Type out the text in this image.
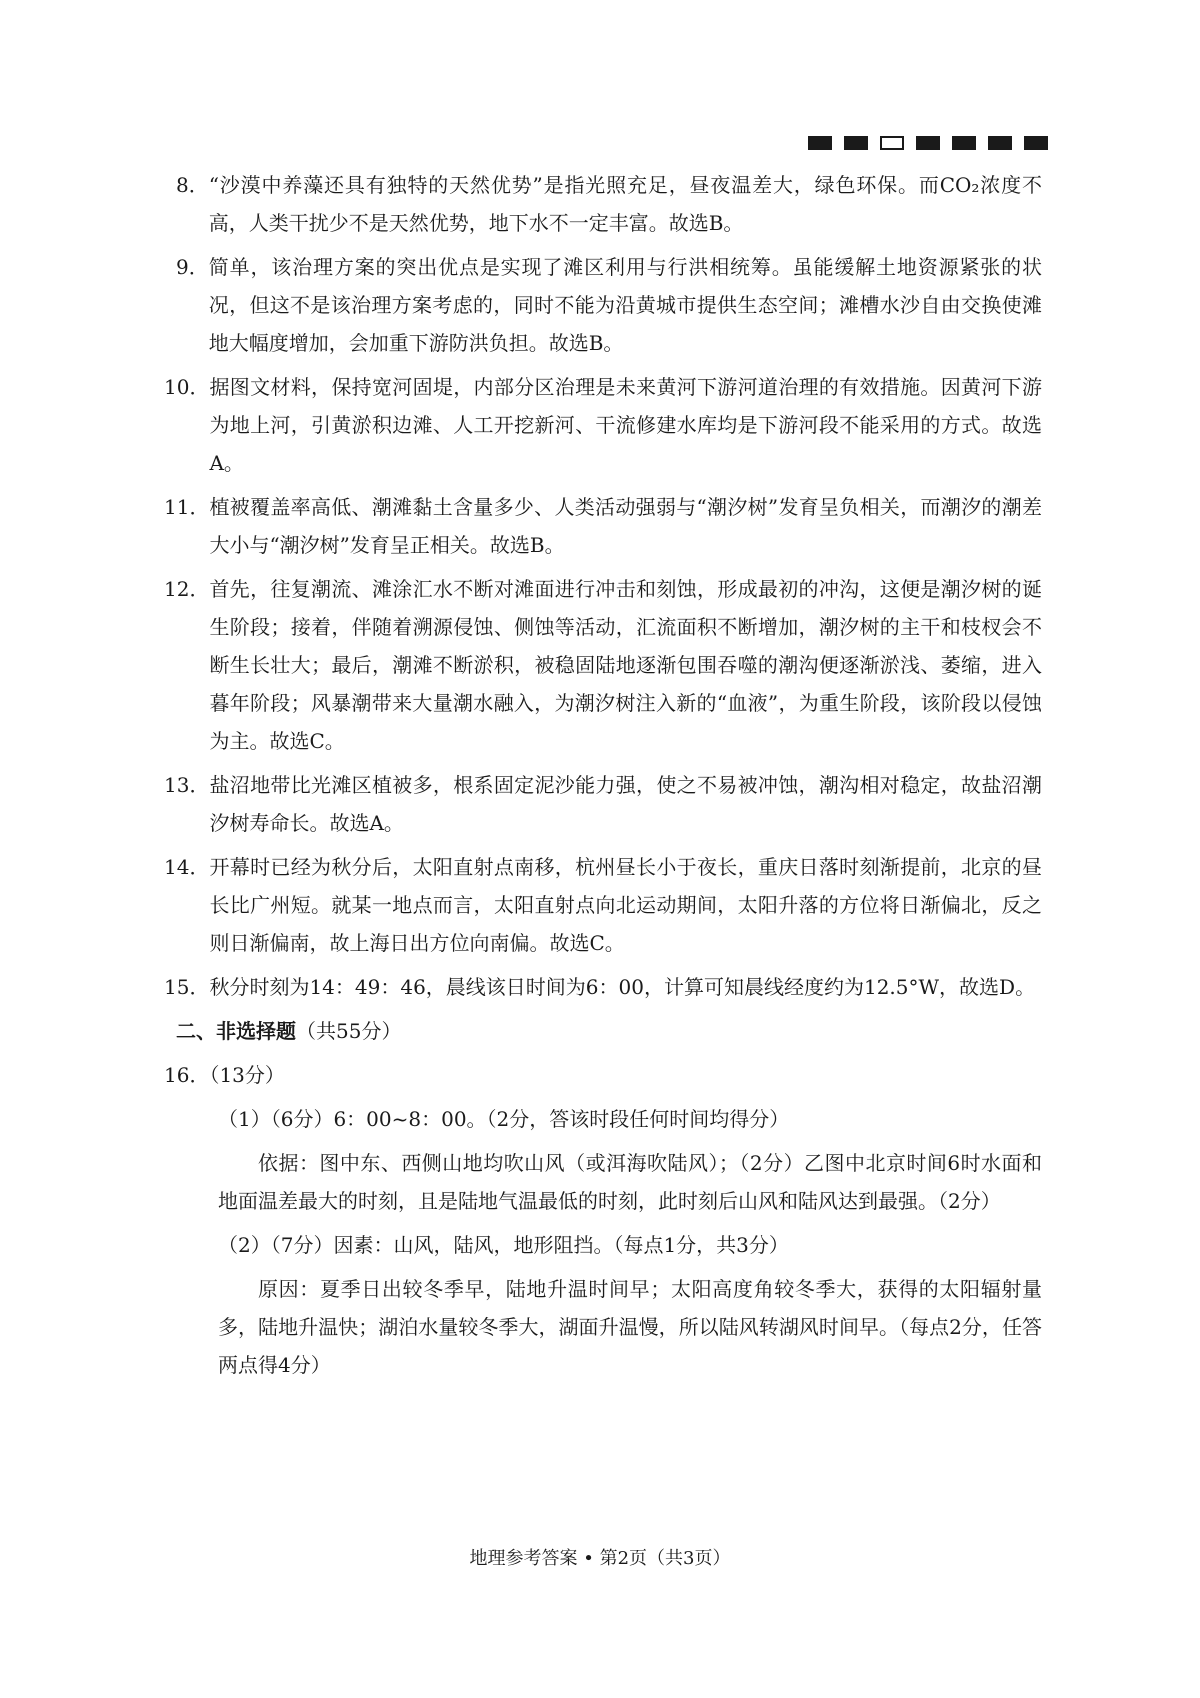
8． “沙漠中养藻还具有独特的天然优势”是指光照充足，昼夜温差大，绿色环保。而CO₂浓度不高，人类干扰少不是天然优势，地下水不一定丰富。故选B。
9． 简单，该治理方案的突出优点是实现了滩区利用与行洪相统筹。虽能缓解土地资源紧张的状况，但这不是该治理方案考虑的，同时不能为沿黄城市提供生态空间；滩槽水沙自由交换使滩地大幅度增加，会加重下游防洪负担。故选B。
10． 据图文材料，保持宽河固堤，内部分区治理是未来黄河下游河道治理的有效措施。因黄河下游为地上河，引黄淤积边滩、人工开挖新河、干流修建水库均是下游河段不能采用的方式。故选A。
11． 植被覆盖率高低、潮滩黏土含量多少、人类活动强弱与“潮汐树”发育呈负相关，而潮汐的潮差大小与“潮汐树”发育呈正相关。故选B。
12． 首先，往复潮流、滩涂汇水不断对滩面进行冲击和刻蚀，形成最初的冲沟，这便是潮汐树的诞生阶段；接着，伴随着溯源侵蚀、侧蚀等活动，汇流面积不断增加，潮汐树的主干和枝杈会不断生长壮大；最后，潮滩不断淤积，被稳固陆地逐渐包围吞噬的潮沟便逐渐淤浅、萎缩，进入暮年阶段；风暴潮带来大量潮水融入，为潮汐树注入新的“血液”，为重生阶段，该阶段以侵蚀为主。故选C。
13． 盐沼地带比光滩区植被多，根系固定泥沙能力强，使之不易被冲蚀，潮沟相对稳定，故盐沼潮汐树寿命长。故选A。
14． 开幕时已经为秋分后，太阳直射点南移，杭州昼长小于夜长，重庆日落时刻渐提前，北京的昼长比广州短。就某一地点而言，太阳直射点向北运动期间，太阳升落的方位将日渐偏北，反之则日渐偏南，故上海日出方位向南偏。故选C。
15． 秋分时刻为14：49：46，晨线该日时间为6：00，计算可知晨线经度约为12.5°W，故选D。
二、非选择题（共55分）
16．（13分）
（1）（6分）6：00~8：00。（2分，答该时段任何时间均得分）
依据：图中东、西侧山地均吹山风（或洱海吹陆风）；（2分）乙图中北京时间6时水面和地面温差最大的时刻，且是陆地气温最低的时刻，此时刻后山风和陆风达到最强。（2分）
（2）（7分）因素：山风，陆风，地形阻挡。（每点1分，共3分）
原因：夏季日出较冬季早，陆地升温时间早；太阳高度角较冬季大，获得的太阳辐射量多，陆地升温快；湖泊水量较冬季大，湖面升温慢，所以陆风转湖风时间早。（每点2分，任答两点得4分）
地理参考答案 • 第2页（共3页）
